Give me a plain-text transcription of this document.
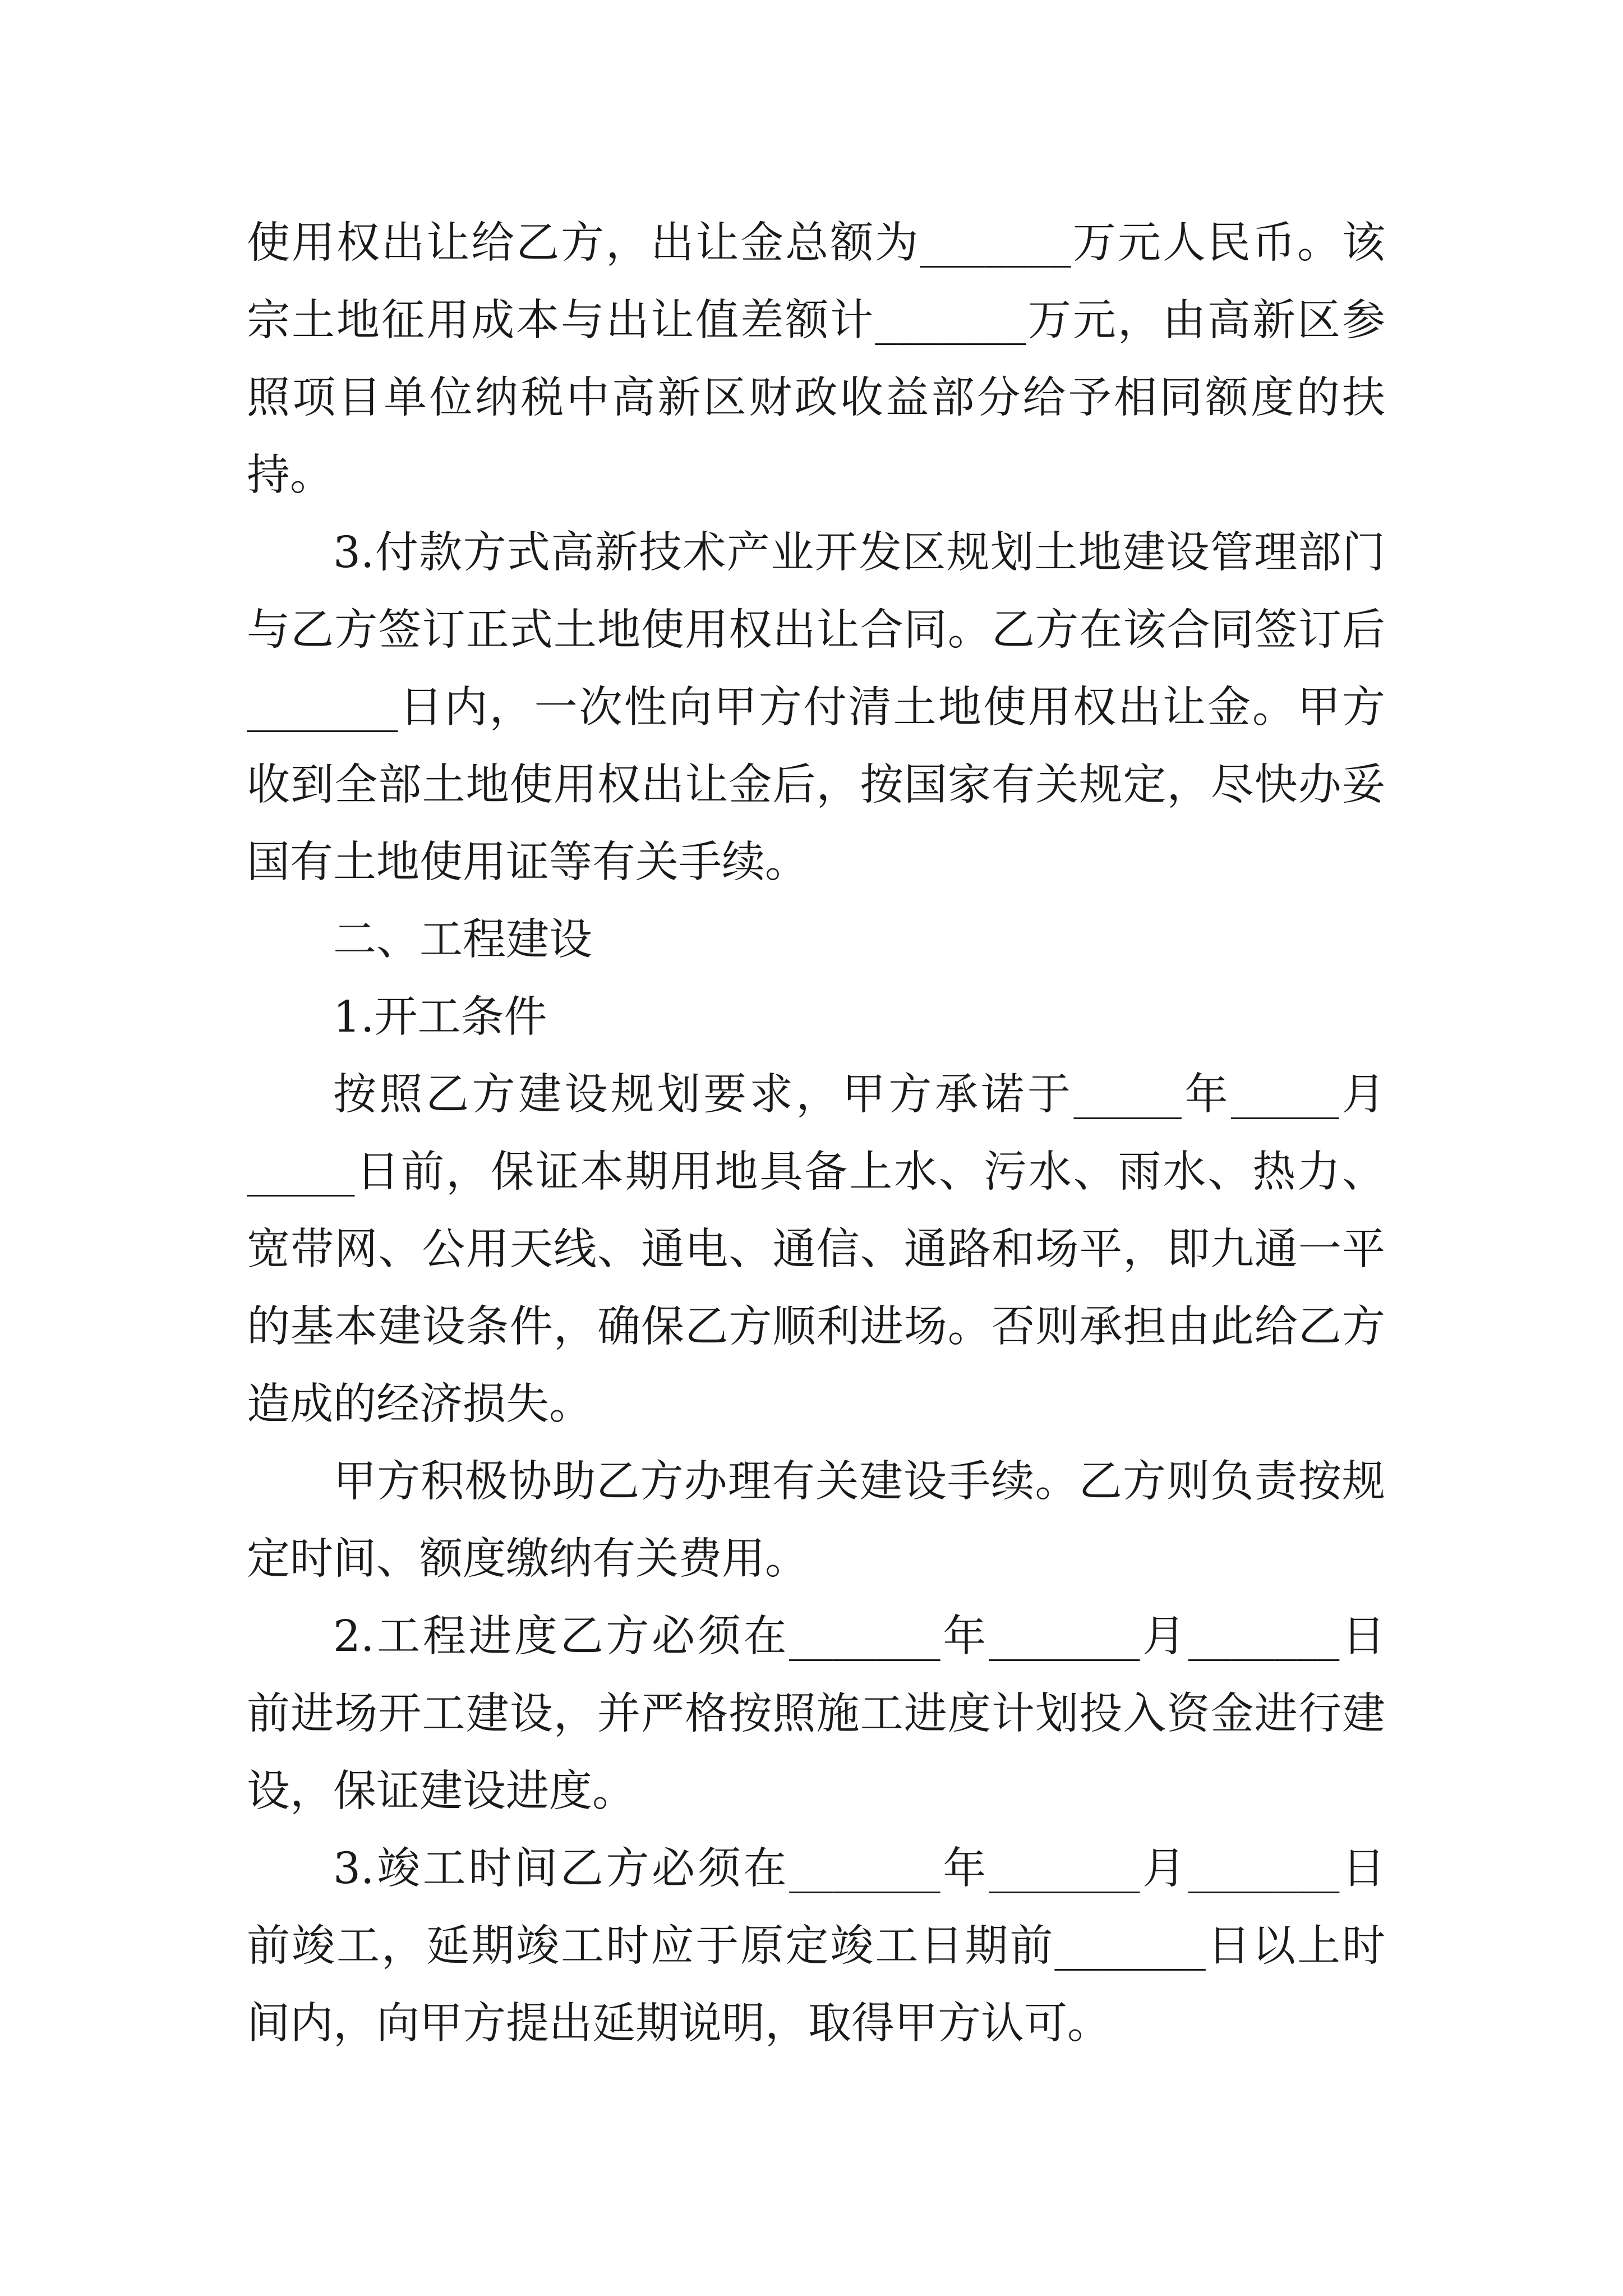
使用权出让给乙方，出让金总额为_______万元人民币。该宗土地征用成本与出让值差额计_______万元，由高新区参照项目单位纳税中高新区财政收益部分给予相同额度的扶持。

3.付款方式高新技术产业开发区规划土地建设管理部门与乙方签订正式土地使用权出让合同。乙方在该合同签订后_______日内，一次性向甲方付清土地使用权出让金。甲方收到全部土地使用权出让金后，按国家有关规定，尽快办妥国有土地使用证等有关手续。

二、工程建设

1.开工条件

按照乙方建设规划要求，甲方承诺于_____年_____月_____日前，保证本期用地具备上水、污水、雨水、热力、宽带网、公用天线、通电、通信、通路和场平，即九通一平的基本建设条件，确保乙方顺利进场。否则承担由此给乙方造成的经济损失。

甲方积极协助乙方办理有关建设手续。乙方则负责按规定时间、额度缴纳有关费用。

2.工程进度乙方必须在_______年_______月_______日前进场开工建设，并严格按照施工进度计划投入资金进行建设，保证建设进度。

3.竣工时间乙方必须在_______年_______月_______日前竣工，延期竣工时应于原定竣工日期前_______日以上时间内，向甲方提出延期说明，取得甲方认可。
